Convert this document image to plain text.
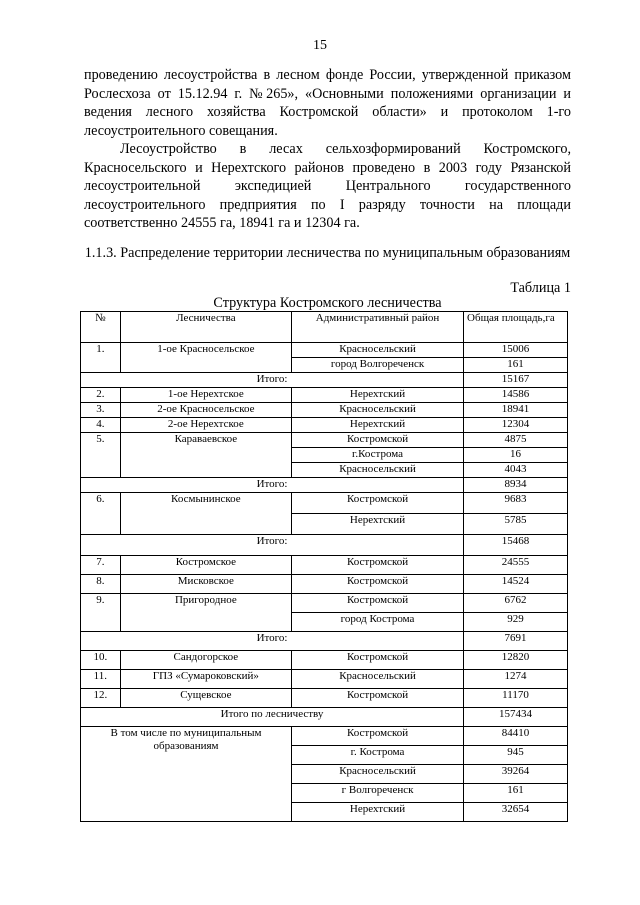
15
проведению лесоустройства в лесном фонде России, утвержденной приказом Рослесхоза от 15.12.94 г. №265», «Основными положениями организации и ведения лесного хозяйства Костромской области» и протоколом 1-го лесоустроительного совещания.
Лесоустройство в лесах сельхозформирований Костромского, Красносельского и Нерехтского районов проведено в 2003 году Рязанской лесоустроительной экспедицией Центрального государственного лесоустроительного предприятия по I разряду точности на площади соответственно 24555 га, 18941 га и 12304 га.
1.1.3. Распределение территории лесничества по муниципальным образованиям
Таблица 1
Структура Костромского лесничества
№	Лесничества	Административный район	Общая площадь,га
1.	1-ое Красносельское	Красносельский	15006
		город Волгореченск	161
Итого:			15167
2.	1-ое Нерехтское	Нерехтский	14586
3.	2-ое Красносельское	Красносельский	18941
4.	2-ое Нерехтское	Нерехтский	12304
5.	Караваевское	Костромской	4875
		г.Кострома	16
		Красносельский	4043
Итого:			8934
6.	Космынинское	Костромской	9683
		Нерехтский	5785
Итого:			15468
7.	Костромское	Костромской	24555
8.	Мисковское	Костромской	14524
9.	Пригородное	Костромской	6762
		город Кострома	929
Итого:			7691
10.	Сандогорское	Костромской	12820
11.	ГПЗ «Сумароковский»	Красносельский	1274
12.	Сущевское	Костромской	11170
Итого по лесничеству			157434
В том числе по муниципальным образованиям		Костромской	84410
		г. Кострома	945
		Красносельский	39264
		г Волгореченск	161
		Нерехтский	32654
